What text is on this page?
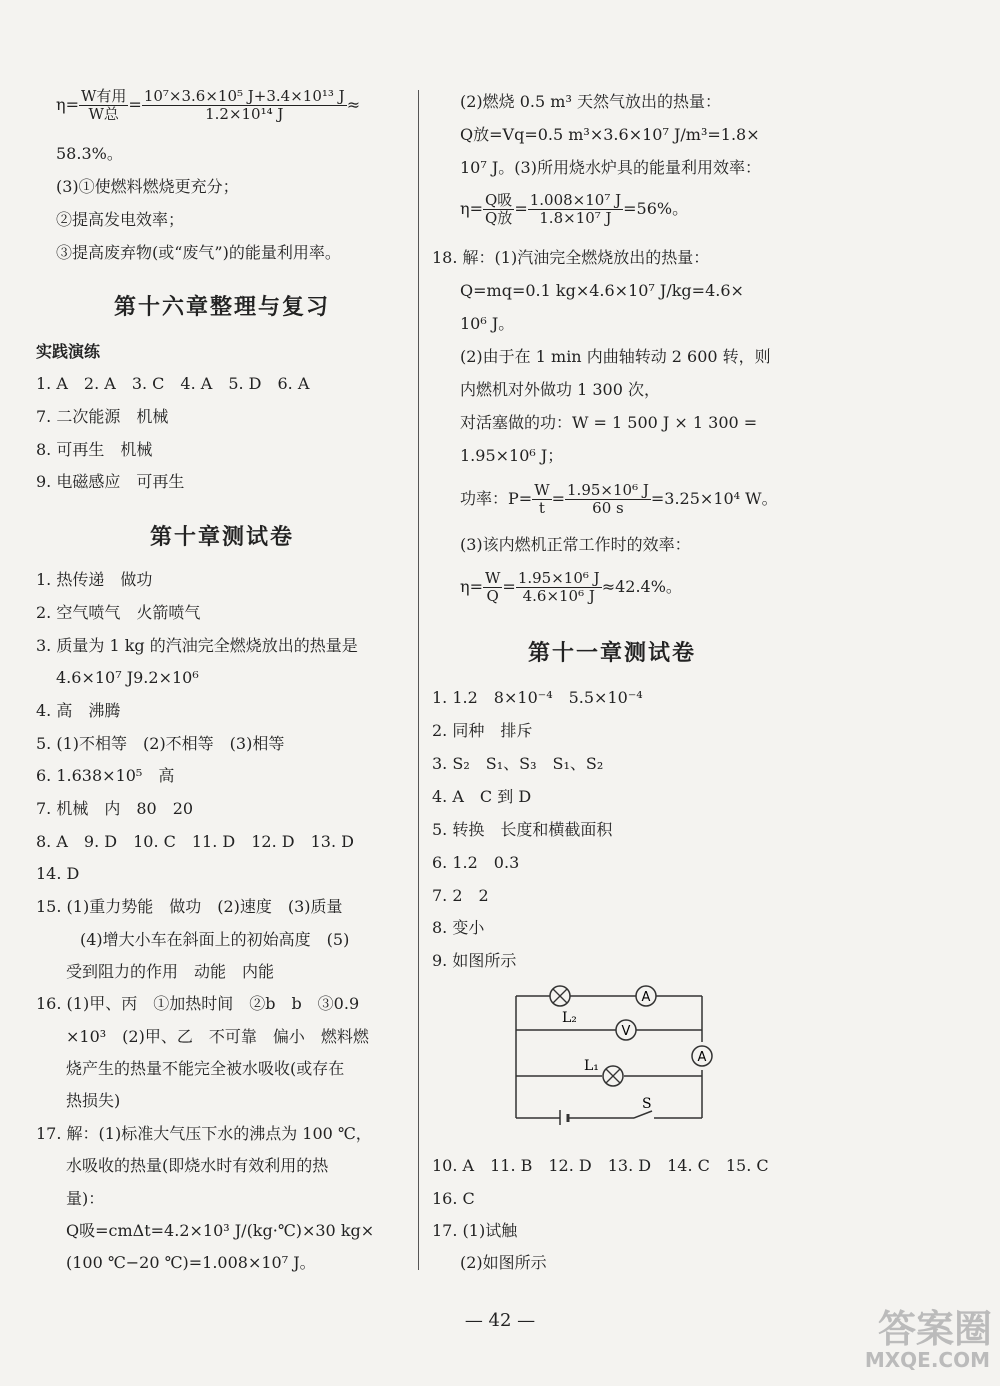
$\eta= \frac{\text{W有用}}{\text{W总}} = \frac{\text{10⁷×3.6×10⁵ J+3.4×10¹³ J}}{\text{1.2×10¹⁴ J}}$ ≈
58.3%。
(3)①使燃料燃烧更充分；
②提高发电效率；
③提高废弃物(或“废气”)的能量利用率。
第十六章整理与复习
实践演练
1. A　2. A　3. C　4. A　5. D　6. A
7. 二次能源　机械
8. 可再生　机械
9. 电磁感应　可再生
第十章测试卷
1. 热传递　做功
2. 空气喷气　火箭喷气
3. 质量为 1 kg 的汽油完全燃烧放出的热量是
4.6×10⁷ J9.2×10⁶
4. 高　沸腾
5. (1)不相等　(2)不相等　(3)相等
6. 1.638×10⁵　高
7. 机械　内　80　20
8. A　9. D　10. C　11. D　12. D　13. D
14. D
15. (1)重力势能　做功　(2)速度　(3)质量
(4)增大小车在斜面上的初始高度　(5)
受到阻力的作用　动能　内能
16. (1)甲、丙　①加热时间　②b　b　③0.9
×10³　(2)甲、乙　不可靠　偏小　燃料燃
烧产生的热量不能完全被水吸收(或存在
热损失)
17. 解：(1)标准大气压下水的沸点为 100 ℃，
水吸收的热量(即烧水时有效利用的热
量)：
Q吸=cmΔt=4.2×10³ J/(kg·℃)×30 kg×
(100 ℃−20 ℃)=1.008×10⁷ J。
(2)燃烧 0.5 m³ 天然气放出的热量：
Q放=Vq=0.5 m³×3.6×10⁷ J/m³=1.8×
10⁷ J。(3)所用烧水炉具的能量利用效率：
$\eta= \frac{\text{Q吸}}{\text{Q放}} = \frac{\text{1.008×10⁷ J}}{\text{1.8×10⁷ J}} =56\%$。
18. 解：(1)汽油完全燃烧放出的热量：
Q=mq=0.1 kg×4.6×10⁷ J/kg=4.6×
10⁶ J。
(2)由于在 1 min 内曲轴转动 2 600 转，则
内燃机对外做功 1 300 次，
对活塞做的功：W = 1 500 J × 1 300 =
1.95×10⁶ J；
功率：$P= \frac{W}{t} = \frac{\text{1.95×10⁶ J}}{60 s} =3.25\times 10^4$ W。
(3)该内燃机正常工作时的效率：
$\eta= \frac{W}{Q} = \frac{\text{1.95×10⁶ J}}{\text{4.6×10⁶ J}} \approx 42.4\%$。
第十一章测试卷
1. 1.2　8×10⁻⁴　5.5×10⁻⁴
2. 同种　排斥
3. S₂　S₁、S₃　S₁、S₂
4. A　C 到 D
5. 转换　长度和横截面积
6. 1.2　0.3
7. 2　2
8. 变小
9. 如图所示
L₂
A
V
A
L₁
S
10. A　11. B　12. D　13. D　14. C　15. C
16. C
17. (1)试触
(2)如图所示
— 42 —	答案圈
MXQE.COM
